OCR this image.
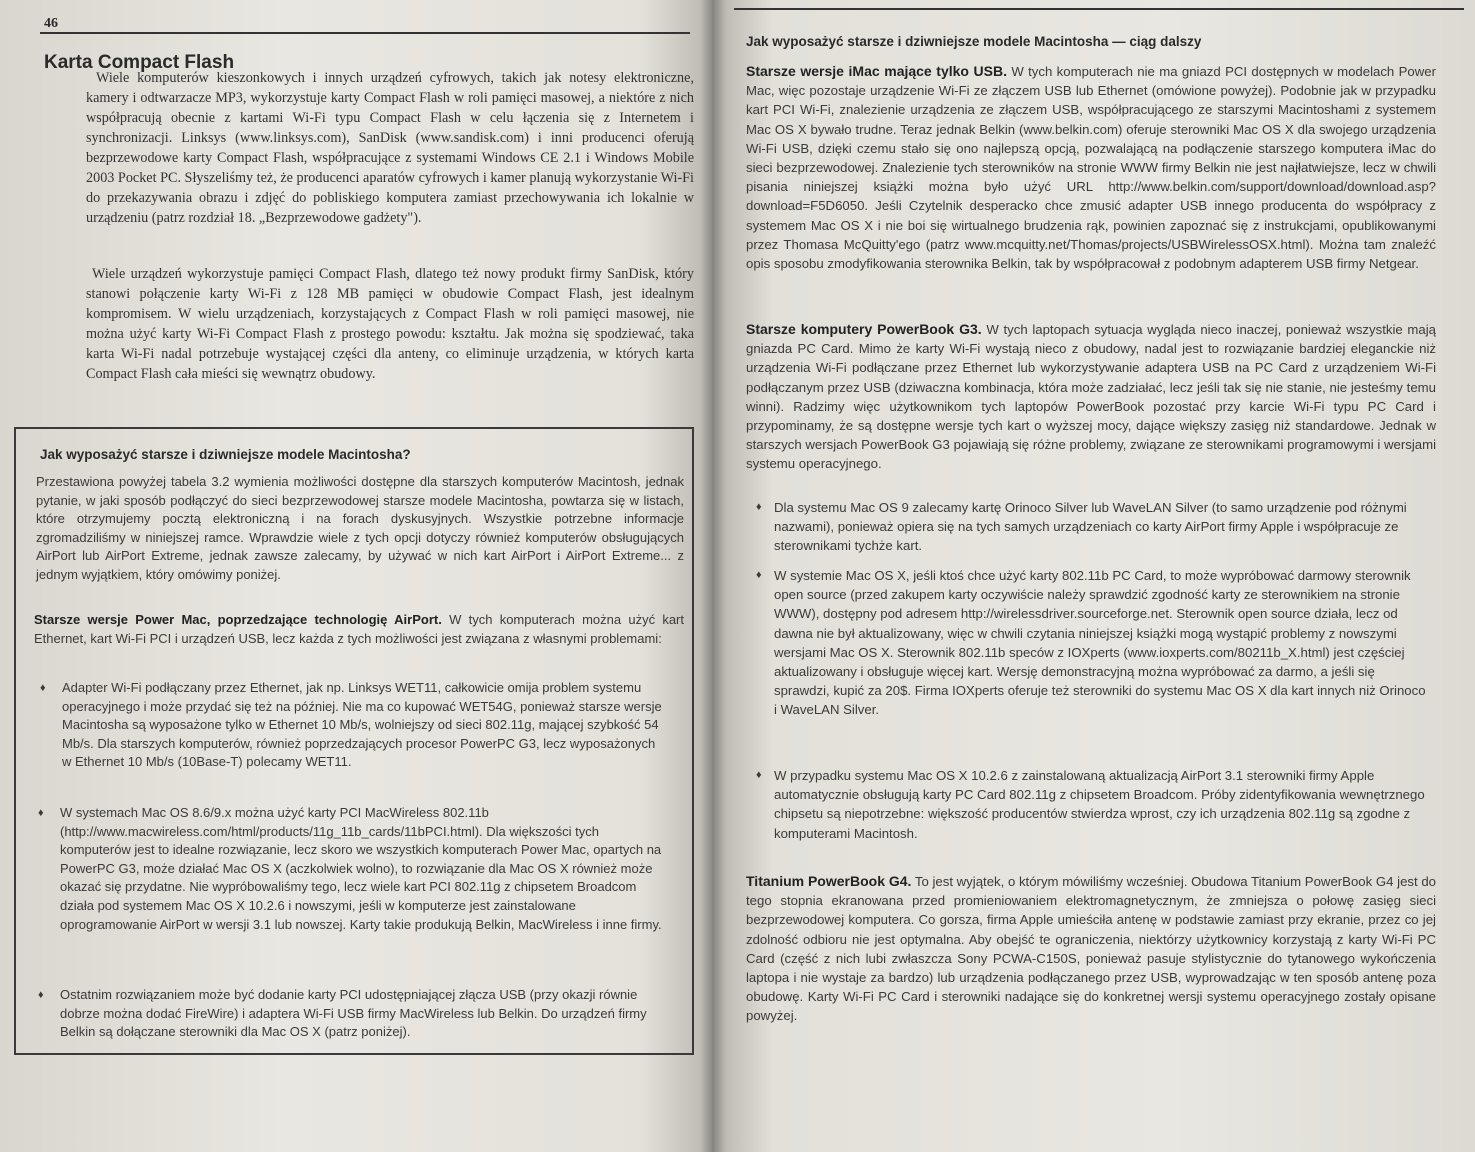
46
Karta Compact Flash
Wiele komputerów kieszonkowych i innych urządzeń cyfrowych, takich jak notesy elektroniczne, kamery i odtwarzacze MP3, wykorzystuje karty Compact Flash w roli pamięci masowej, a niektóre z nich współpracują obecnie z kartami Wi-Fi typu Compact Flash w celu łączenia się z Internetem i synchronizacji. Linksys (www.linksys.com), SanDisk (www.sandisk.com) i inni producenci oferują bezprzewodowe karty Compact Flash, współpracujące z systemami Windows CE 2.1 i Windows Mobile 2003 Pocket PC. Słyszeliśmy też, że producenci aparatów cyfrowych i kamer planują wykorzystanie Wi-Fi do przekazywania obrazu i zdjęć do pobliskiego komputera zamiast przechowywania ich lokalnie w urządzeniu (patrz rozdział 18. „Bezprzewodowe gadżety").
Wiele urządzeń wykorzystuje pamięci Compact Flash, dlatego też nowy produkt firmy SanDisk, który stanowi połączenie karty Wi-Fi z 128 MB pamięci w obudowie Compact Flash, jest idealnym kompromisem. W wielu urządzeniach, korzystających z Compact Flash w roli pamięci masowej, nie można użyć karty Wi-Fi Compact Flash z prostego powodu: kształtu. Jak można się spodziewać, taka karta Wi-Fi nadal potrzebuje wystającej części dla anteny, co eliminuje urządzenia, w których karta Compact Flash cała mieści się wewnątrz obudowy.
Jak wyposażyć starsze i dziwniejsze modele Macintosha?
Przestawiona powyżej tabela 3.2 wymienia możliwości dostępne dla starszych komputerów Macintosh, jednak pytanie, w jaki sposób podłączyć do sieci bezprzewodowej starsze modele Macintosha, powtarza się w listach, które otrzymujemy pocztą elektroniczną i na forach dyskusyjnych. Wszystkie potrzebne informacje zgromadziliśmy w niniejszej ramce. Wprawdzie wiele z tych opcji dotyczy również komputerów obsługujących AirPort lub AirPort Extreme, jednak zawsze zalecamy, by używać w nich kart AirPort i AirPort Extreme... z jednym wyjątkiem, który omówimy poniżej.
Starsze wersje Power Mac, poprzedzające technologię AirPort. W tych komputerach można użyć kart Ethernet, kart Wi-Fi PCI i urządzeń USB, lecz każda z tych możliwości jest związana z własnymi problemami:
♦ Adapter Wi-Fi podłączany przez Ethernet, jak np. Linksys WET11, całkowicie omija problem systemu operacyjnego i może przydać się też na później. Nie ma co kupować WET54G, ponieważ starsze wersje Macintosha są wyposażone tylko w Ethernet 10 Mb/s, wolniejszy od sieci 802.11g, mającej szybkość 54 Mb/s. Dla starszych komputerów, również poprzedzających procesor PowerPC G3, lecz wyposażonych w Ethernet 10 Mb/s (10Base-T) polecamy WET11.
♦ W systemach Mac OS 8.6/9.x można użyć karty PCI MacWireless 802.11b (http://www.macwireless.com/html/products/11g_11b_cards/11bPCI.html). Dla większości tych komputerów jest to idealne rozwiązanie, lecz skoro we wszystkich komputerach Power Mac, opartych na PowerPC G3, może działać Mac OS X (aczkolwiek wolno), to rozwiązanie dla Mac OS X również może okazać się przydatne. Nie wypróbowaliśmy tego, lecz wiele kart PCI 802.11g z chipsetem Broadcom działa pod systemem Mac OS X 10.2.6 i nowszymi, jeśli w komputerze jest zainstalowane oprogramowanie AirPort w wersji 3.1 lub nowszej. Karty takie produkują Belkin, MacWireless i inne firmy.
♦ Ostatnim rozwiązaniem może być dodanie karty PCI udostępniającej złącza USB (przy okazji równie dobrze można dodać FireWire) i adaptera Wi-Fi USB firmy MacWireless lub Belkin. Do urządzeń firmy Belkin są dołączane sterowniki dla Mac OS X (patrz poniżej).
Jak wyposażyć starsze i dziwniejsze modele Macintosha — ciąg dalszy
Starsze wersje iMac mające tylko USB. W tych komputerach nie ma gniazd PCI dostępnych w modelach Power Mac, więc pozostaje urządzenie Wi-Fi ze złączem USB lub Ethernet (omówione powyżej). Podobnie jak w przypadku kart PCI Wi-Fi, znalezienie urządzenia ze złączem USB, współpracującego ze starszymi Macintoshami z systemem Mac OS X bywało trudne. Teraz jednak Belkin (www.belkin.com) oferuje sterowniki Mac OS X dla swojego urządzenia Wi-Fi USB, dzięki czemu stało się ono najlepszą opcją, pozwalającą na podłączenie starszego komputera iMac do sieci bezprzewodowej. Znalezienie tych sterowników na stronie WWW firmy Belkin nie jest najłatwiejsze, lecz w chwili pisania niniejszej książki można było użyć URL http://www.belkin.com/support/download/download.asp?download=F5D6050. Jeśli Czytelnik desperacko chce zmusić adapter USB innego producenta do współpracy z systemem Mac OS X i nie boi się wirtualnego brudzenia rąk, powinien zapoznać się z instrukcjami, opublikowanymi przez Thomasa McQuitty'ego (patrz www.mcquitty.net/Thomas/projects/USBWirelessOSX.html). Można tam znaleźć opis sposobu zmodyfikowania sterownika Belkin, tak by współpracował z podobnym adapterem USB firmy Netgear.
Starsze komputery PowerBook G3. W tych laptopach sytuacja wygląda nieco inaczej, ponieważ wszystkie mają gniazda PC Card. Mimo że karty Wi-Fi wystają nieco z obudowy, nadal jest to rozwiązanie bardziej eleganckie niż urządzenia Wi-Fi podłączane przez Ethernet lub wykorzystywanie adaptera USB na PC Card z urządzeniem Wi-Fi podłączanym przez USB (dziwaczna kombinacja, która może zadziałać, lecz jeśli tak się nie stanie, nie jesteśmy temu winni). Radzimy więc użytkownikom tych laptopów PowerBook pozostać przy karcie Wi-Fi typu PC Card i przypominamy, że są dostępne wersje tych kart o wyższej mocy, dające większy zasięg niż standardowe. Jednak w starszych wersjach PowerBook G3 pojawiają się różne problemy, związane ze sterownikami programowymi i wersjami systemu operacyjnego.
♦ Dla systemu Mac OS 9 zalecamy kartę Orinoco Silver lub WaveLAN Silver (to samo urządzenie pod różnymi nazwami), ponieważ opiera się na tych samych urządzeniach co karty AirPort firmy Apple i współpracuje ze sterownikami tychże kart.
♦ W systemie Mac OS X, jeśli ktoś chce użyć karty 802.11b PC Card, to może wypróbować darmowy sterownik open source (przed zakupem karty oczywiście należy sprawdzić zgodność karty ze sterownikiem na stronie WWW), dostępny pod adresem http://wirelessdriver.sourceforge.net. Sterownik open source działa, lecz od dawna nie był aktualizowany, więc w chwili czytania niniejszej książki mogą wystąpić problemy z nowszymi wersjami Mac OS X. Sterownik 802.11b speców z IOXperts (www.ioxperts.com/80211b_X.html) jest częściej aktualizowany i obsługuje więcej kart. Wersję demonstracyjną można wypróbować za darmo, a jeśli się sprawdzi, kupić za 20$. Firma IOXperts oferuje też sterowniki do systemu Mac OS X dla kart innych niż Orinoco i WaveLAN Silver.
♦ W przypadku systemu Mac OS X 10.2.6 z zainstalowaną aktualizacją AirPort 3.1 sterowniki firmy Apple automatycznie obsługują karty PC Card 802.11g z chipsetem Broadcom. Próby zidentyfikowania wewnętrznego chipsetu są niepotrzebne: większość producentów stwierdza wprost, czy ich urządzenia 802.11g są zgodne z komputerami Macintosh.
Titanium PowerBook G4. To jest wyjątek, o którym mówiliśmy wcześniej. Obudowa Titanium PowerBook G4 jest do tego stopnia ekranowana przed promieniowaniem elektromagnetycznym, że zmniejsza o połowę zasięg sieci bezprzewodowej komputera. Co gorsza, firma Apple umieściła antenę w podstawie zamiast przy ekranie, przez co jej zdolność odbioru nie jest optymalna. Aby obejść te ograniczenia, niektórzy użytkownicy korzystają z karty Wi-Fi PC Card (część z nich lubi zwłaszcza Sony PCWA-C150S, ponieważ pasuje stylistycznie do tytanowego wykończenia laptopa i nie wystaje za bardzo) lub urządzenia podłączanego przez USB, wyprowadzając w ten sposób antenę poza obudowę. Karty Wi-Fi PC Card i sterowniki nadające się do konkretnej wersji systemu operacyjnego zostały opisane powyżej.
